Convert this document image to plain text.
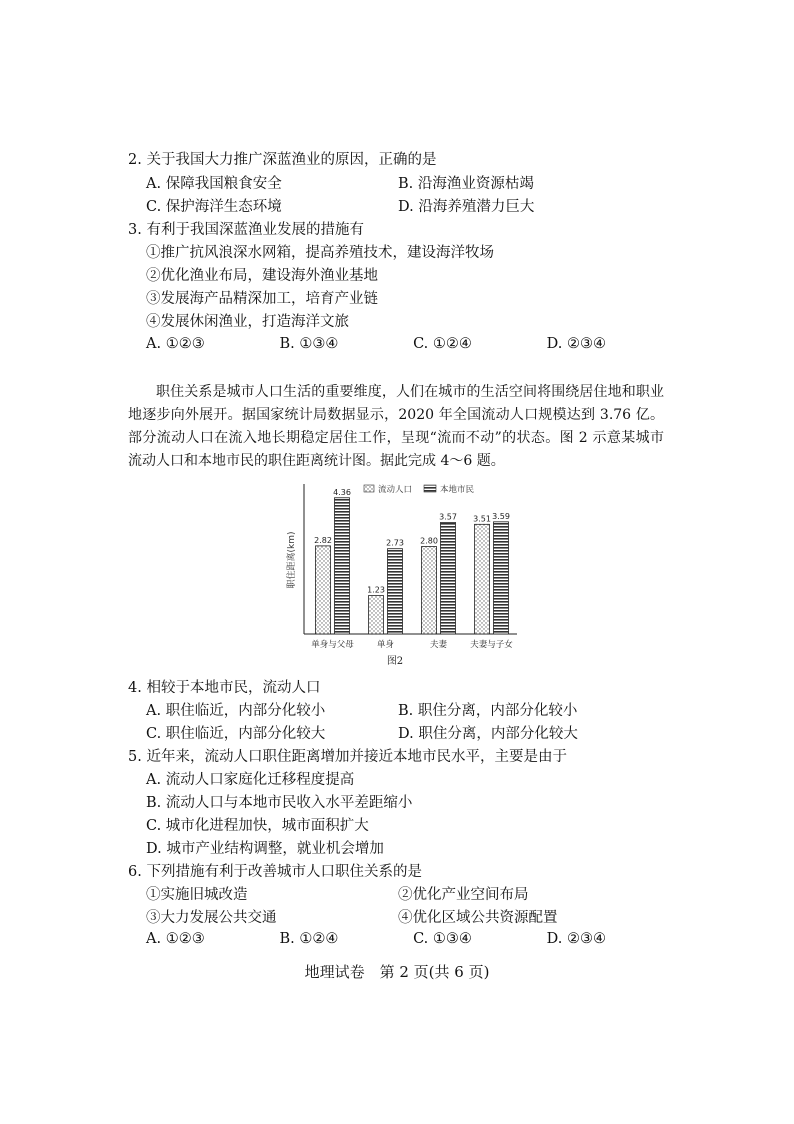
2. 关于我国大力推广深蓝渔业的原因，正确的是
A. 保障我国粮食安全	B. 沿海渔业资源枯竭
C. 保护海洋生态环境	D. 沿海养殖潜力巨大
3. 有利于我国深蓝渔业发展的措施有
①推广抗风浪深水网箱，提高养殖技术，建设海洋牧场
②优化渔业布局，建设海外渔业基地
③发展海产品精深加工，培育产业链
④发展休闲渔业，打造海洋文旅
A. ①②③	B. ①③④	C. ①②④	D. ②③④

职住关系是城市人口生活的重要维度，人们在城市的生活空间将围绕居住地和职业地逐步向外展开。据国家统计局数据显示，2020 年全国流动人口规模达到 3.76 亿。部分流动人口在流入地长期稳定居住工作，呈现“流而不动”的状态。图 2 示意某城市流动人口和本地市民的职住距离统计图。据此完成 4～6 题。

职住距离(km) 2.82
4.36
1.23
2.73 2.80
3.57 3.51 3.59
单身与父母	单身	夫妻	夫妻与子女
流动人口	本地市民
图2
4. 相较于本地市民，流动人口
A. 职住临近，内部分化较小	B. 职住分离，内部分化较小
C. 职住临近，内部分化较大	D. 职住分离，内部分化较大
5. 近年来，流动人口职住距离增加并接近本地市民水平，主要是由于
A. 流动人口家庭化迁移程度提高
B. 流动人口与本地市民收入水平差距缩小
C. 城市化进程加快，城市面积扩大
D. 城市产业结构调整，就业机会增加
6. 下列措施有利于改善城市人口职住关系的是
①实施旧城改造	②优化产业空间布局
③大力发展公共交通	④优化区域公共资源配置
A. ①②③	B. ①②④	C. ①③④	D. ②③④
地理试卷　第 2 页(共 6 页)
